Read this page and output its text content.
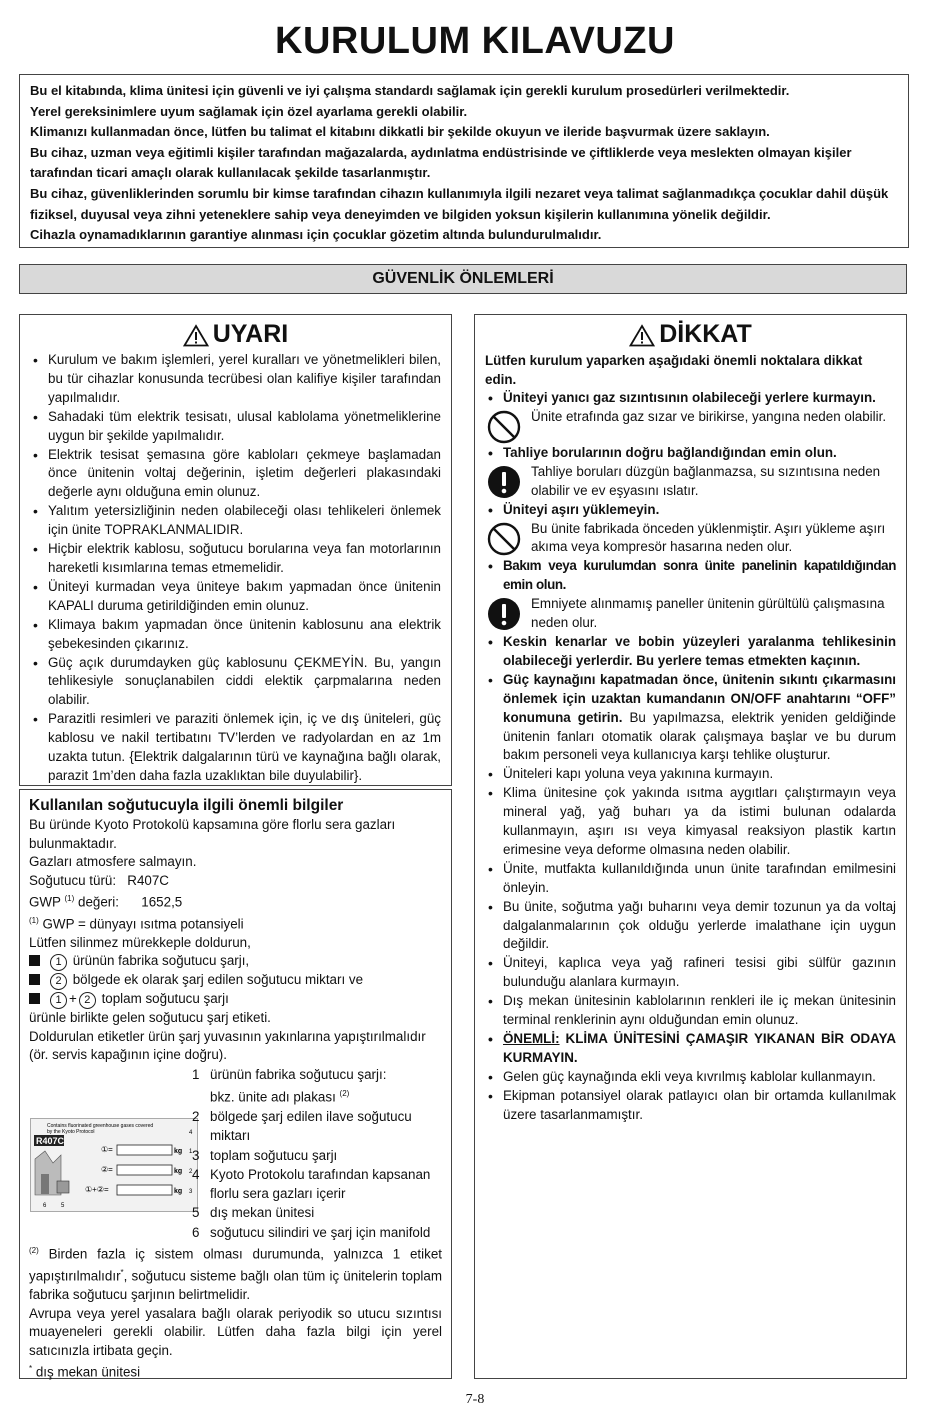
KURULUM KILAVUZU

Bu el kitabında, klima ünitesi için güvenli ve iyi çalışma standardı sağlamak için gerekli kurulum prosedürleri verilmektedir.

Yerel gereksinimlere uyum sağlamak için özel ayarlama gerekli olabilir.

Klimanızı kullanmadan önce, lütfen bu talimat el kitabını dikkatli bir şekilde okuyun ve ileride başvurmak üzere saklayın.

Bu cihaz, uzman veya eğitimli kişiler tarafından mağazalarda, aydınlatma endüstrisinde ve çiftliklerde veya meslekten olmayan kişiler tarafından ticari amaçlı olarak kullanılacak şekilde tasarlanmıştır.

Bu cihaz, güvenliklerinden sorumlu bir kimse tarafından cihazın kullanımıyla ilgili nezaret veya talimat sağlanmadıkça çocuklar dahil düşük fiziksel, duyusal veya zihni yeteneklere sahip veya deneyimden ve bilgiden yoksun kişilerin kullanımına yönelik değildir.

Cihazla oynamadıklarının garantiye alınması için çocuklar gözetim altında bulundurulmalıdır.

GÜVENLİK ÖNLEMLERİ
UYARI
• Kurulum ve bakım işlemleri, yerel kuralları ve yönetmelikleri bilen, bu tür cihazlar konusunda tecrübesi olan kalifiye kişiler tarafından yapılmalıdır.
• Sahadaki tüm elektrik tesisatı, ulusal kablolama yönetmeliklerine uygun bir şekilde yapılmalıdır.
• Elektrik tesisat şemasına göre kabloları çekmeye başlamadan önce ünitenin voltaj değerinin, işletim değerleri plakasındaki değerle aynı olduğuna emin olunuz.
• Yalıtım yetersizliğinin neden olabileceği olası tehlikeleri önlemek için ünite TOPRAKLANMALIDIR.
• Hiçbir elektrik kablosu, soğutucu borularına veya fan motorlarının hareketli kısımlarına temas etmemelidir.
• Üniteyi kurmadan veya üniteye bakım yapmadan önce ünitenin KAPALI duruma getirildiğinden emin olunuz.
• Klimaya bakım yapmadan önce ünitenin kablosunu ana elektrik şebekesinden çıkarınız.
• Güç açık durumdayken güç kablosunu ÇEKMEYİN. Bu, yangın tehlikesiyle sonuçlanabilen ciddi elektik çarpmalarına neden olabilir.
• Parazitli resimleri ve paraziti önlemek için, iç ve dış üniteleri, güç kablosu ve nakil tertibatını TV’lerden ve radyolardan en az 1m uzakta tutun. {Elektrik dalgalarının türü ve kaynağına bağlı olarak, parazit 1m’den daha fazla uzaklıktan bile duyulabilir}.
Kullanılan soğutucuyla ilgili önemli bilgiler

Bu üründe Kyoto Protokolü kapsamına göre florlu sera gazları bulunmaktadır.

Gazları atmosfere salmayın.

Soğutucu türü: R407C

GWP $^{(1)}$ değeri: 1652,5

$^{(1)}$ GWP = dünyayı ısıtma potansiyeli

Lütfen silinmez mürekkeple doldurun,

1 ürünün fabrika soğutucu şarjı,

2 bölgede ek olarak şarj edilen soğutucu miktarı ve

1 + 2 toplam soğutucu şarjı

ürünle birlikte gelen soğutucu şarj etiketi.

Doldurulan etiketler ürün şarj yuvasının yakınlarına yapıştırılmalıdır (ör. servis kapağının içine doğru).

Contains fluorinated greenhouse gases covered
by the Kyoto Protocol
R407C
①=	kg
②=	kg
①+②=	kg
4
1
2
3
6 5
1 ürünün fabrika soğutucu şarjı:
bkz. ünite adı plakası $^{(2)}$
2 bölgede şarj edilen ilave soğutucu
miktarı
3 toplam soğutucu şarjı
4 Kyoto Protokolu tarafından kapsanan
florlu sera gazları içerir
5 dış mekan ünitesi
6 soğutucu silindiri ve şarj için manifold

$^{(2)}$ Birden fazla iç sistem olması durumunda, yalnızca 1 etiket yapıştırılmalıdır*, soğutucu sisteme bağlı olan tüm iç ünitelerin toplam fabrika soğutucu şarjının belirtmelidir.

Avrupa veya yerel yasalara bağlı olarak periyodik so utucu sızıntısı muayeneleri gerekli olabilir. Lütfen daha fazla bilgi için yerel satıcınızla irtibata geçin.

* dış mekan ünitesi

DİKKAT
Lütfen kurulum yaparken aşağıdaki önemli noktalara dikkat edin.
• Üniteyi yanıcı gaz sızıntısının olabileceği yerlere kurmayın.
Ünite etrafında gaz sızar ve birikirse, yangına neden olabilir.
• Tahliye borularının doğru bağlandığından emin olun.
Tahliye boruları düzgün bağlanmazsa, su sızıntısına neden olabilir ve ev eşyasını ıslatır.
• Üniteyi aşırı yüklemeyin.
Bu ünite fabrikada önceden yüklenmiştir. Aşırı yükleme aşırı akıma veya kompresör hasarına neden olur.
• Bakım veya kurulumdan sonra ünite panelinin kapatıldığından emin olun.
Emniyete alınmamış paneller ünitenin gürültülü çalışmasına neden olur.
• Keskin kenarlar ve bobin yüzeyleri yaralanma tehlikesinin olabileceği yerlerdir. Bu yerlere temas etmekten kaçının.
• Güç kaynağını kapatmadan önce, ünitenin sıkıntı çıkarmasını önlemek için uzaktan kumandanın ON/OFF anahtarını “OFF” konumuna getirin. Bu yapılmazsa, elektrik yeniden geldiğinde ünitenin fanları otomatik olarak çalışmaya başlar ve bu durum bakım personeli veya kullanıcıya karşı tehlike oluşturur.
• Üniteleri kapı yoluna veya yakınına kurmayın.
• Klima ünitesine çok yakında ısıtma aygıtları çalıştırmayın veya mineral yağ, yağ buharı ya da istimi bulunan odalarda kullanmayın, aşırı ısı veya kimyasal reaksiyon plastik kartın erimesine veya deforme olmasına neden olabilir.
• Ünite, mutfakta kullanıldığında unun ünite tarafından emilmesini önleyin.
• Bu ünite, soğutma yağı buharını veya demir tozunun ya da voltaj dalgalanmalarının çok olduğu yerlerde imalathane için uygun değildir.
• Üniteyi, kaplıca veya yağ rafineri tesisi gibi sülfür gazının bulunduğu alanlara kurmayın.
• Dış mekan ünitesinin kablolarının renkleri ile iç mekan ünitesinin terminal renklerinin aynı olduğundan emin olunuz.
• ÖNEMLİ: KLİMA ÜNİTESİNİ ÇAMAŞIR YIKANAN BİR ODAYA KURMAYIN.
• Gelen güç kaynağında ekli veya kıvrılmış kablolar kullanmayın.
• Ekipman potansiyel olarak patlayıcı olan bir ortamda kullanılmak üzere tasarlanmamıştır.
7-8
